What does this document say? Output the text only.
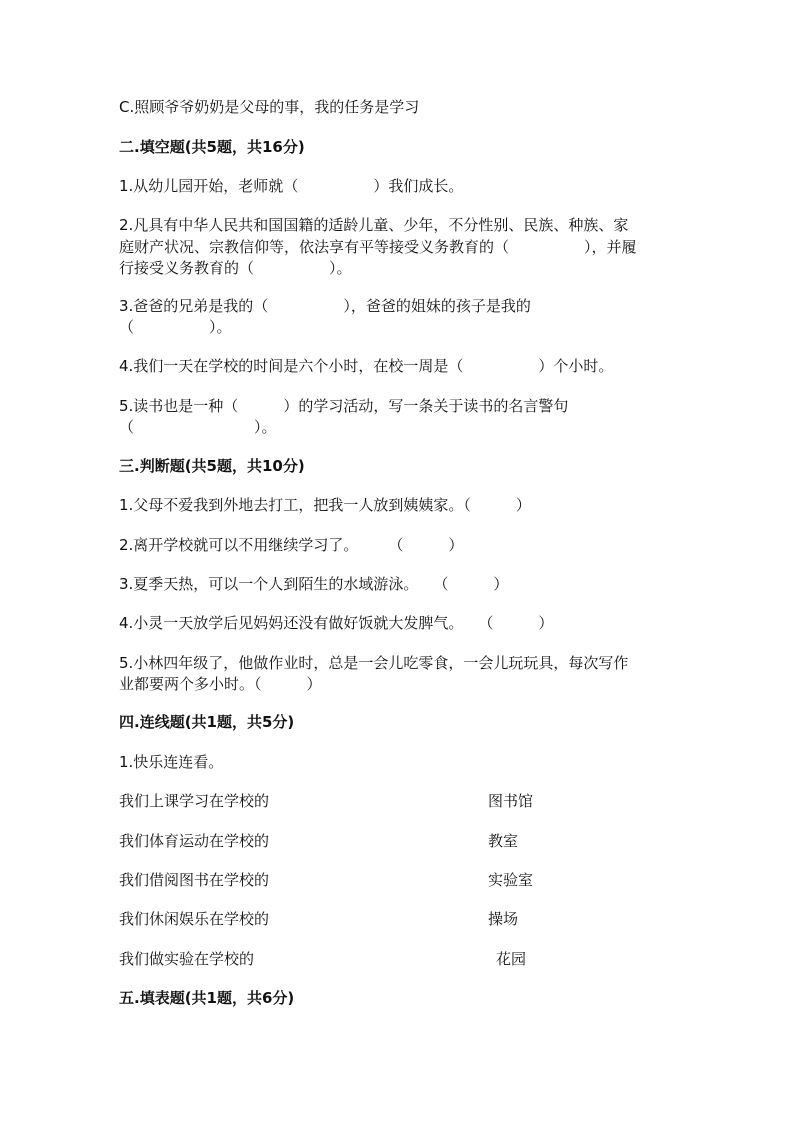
C.照顾爷爷奶奶是父母的事，我的任务是学习
二.填空题(共5题，共16分)
1.从幼儿园开始，老师就（　　　　　）我们成长。
2.凡具有中华人民共和国国籍的适龄儿童、少年，不分性别、民族、种族、家
庭财产状况、宗教信仰等，依法享有平等接受义务教育的（　　　　　），并履
行接受义务教育的（　　　　　）。
3.爸爸的兄弟是我的（　　　　　），爸爸的姐妹的孩子是我的
（　　　　　）。
4.我们一天在学校的时间是六个小时，在校一周是（　　　　　）个小时。
5.读书也是一种（　　　）的学习活动，写一条关于读书的名言警句
（　　　　　　　　）。
三.判断题(共5题，共10分)
1.父母不爱我到外地去打工，把我一人放到姨姨家。（　　　）
2.离开学校就可以不用继续学习了。　　　（　　　）
3.夏季天热，可以一个人到陌生的水域游泳。　　（　　　）
4.小灵一天放学后见妈妈还没有做好饭就大发脾气。　　（　　　）
5.小林四年级了，他做作业时，总是一会儿吃零食，一会儿玩玩具，每次写作
业都要两个多小时。（　　　）
四.连线题(共1题，共5分)
1.快乐连连看。
我们上课学习在学校的	图书馆
我们体育运动在学校的	教室
我们借阅图书在学校的	实验室
我们休闲娱乐在学校的	操场
我们做实验在学校的	花园
五.填表题(共1题，共6分)
